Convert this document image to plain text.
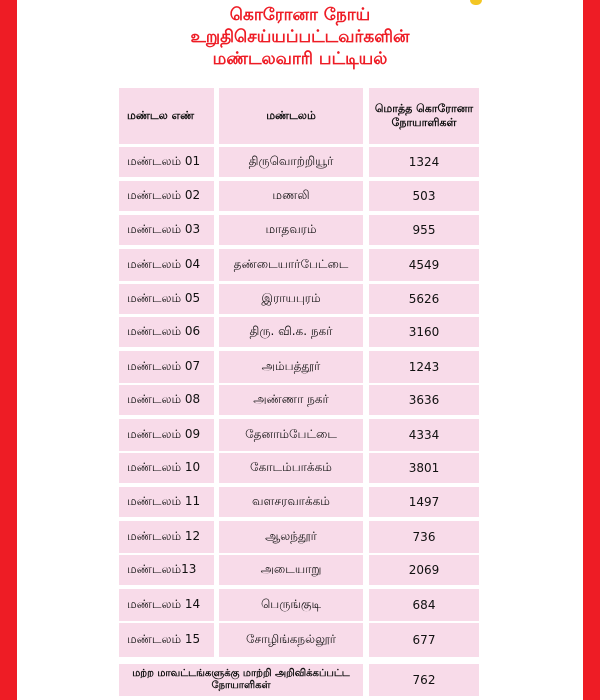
கொரோனா நோய்
உறுதிசெய்யப்பட்டவர்களின்
மண்டலவாரி பட்டியல்
மண்டல எண்	மண்டலம்	மொத்த கொரோனா நோயாளிகள்
மண்டலம் 01	திருவொற்றியூர்	1324
மண்டலம் 02	மணலி	503
மண்டலம் 03	மாதவரம்	955
மண்டலம் 04	தண்டையார்பேட்டை	4549
மண்டலம் 05	இராயபுரம்	5626
மண்டலம் 06	திரு. வி.க. நகர்	3160
மண்டலம் 07	அம்பத்தூர்	1243
மண்டலம் 08	அண்ணா நகர்	3636
மண்டலம் 09	தேனாம்பேட்டை	4334
மண்டலம் 10	கோடம்பாக்கம்	3801
மண்டலம் 11	வளசரவாக்கம்	1497
மண்டலம் 12	ஆலந்தூர்	736
மண்டலம்13	அடையாறு	2069
மண்டலம் 14	பெருங்குடி	684
மண்டலம் 15	சோழிங்கநல்லூர்	677
மற்ற மாவட்டங்களுக்கு மாற்றி அறிவிக்கப்பட்ட நோயாளிகள்	762
